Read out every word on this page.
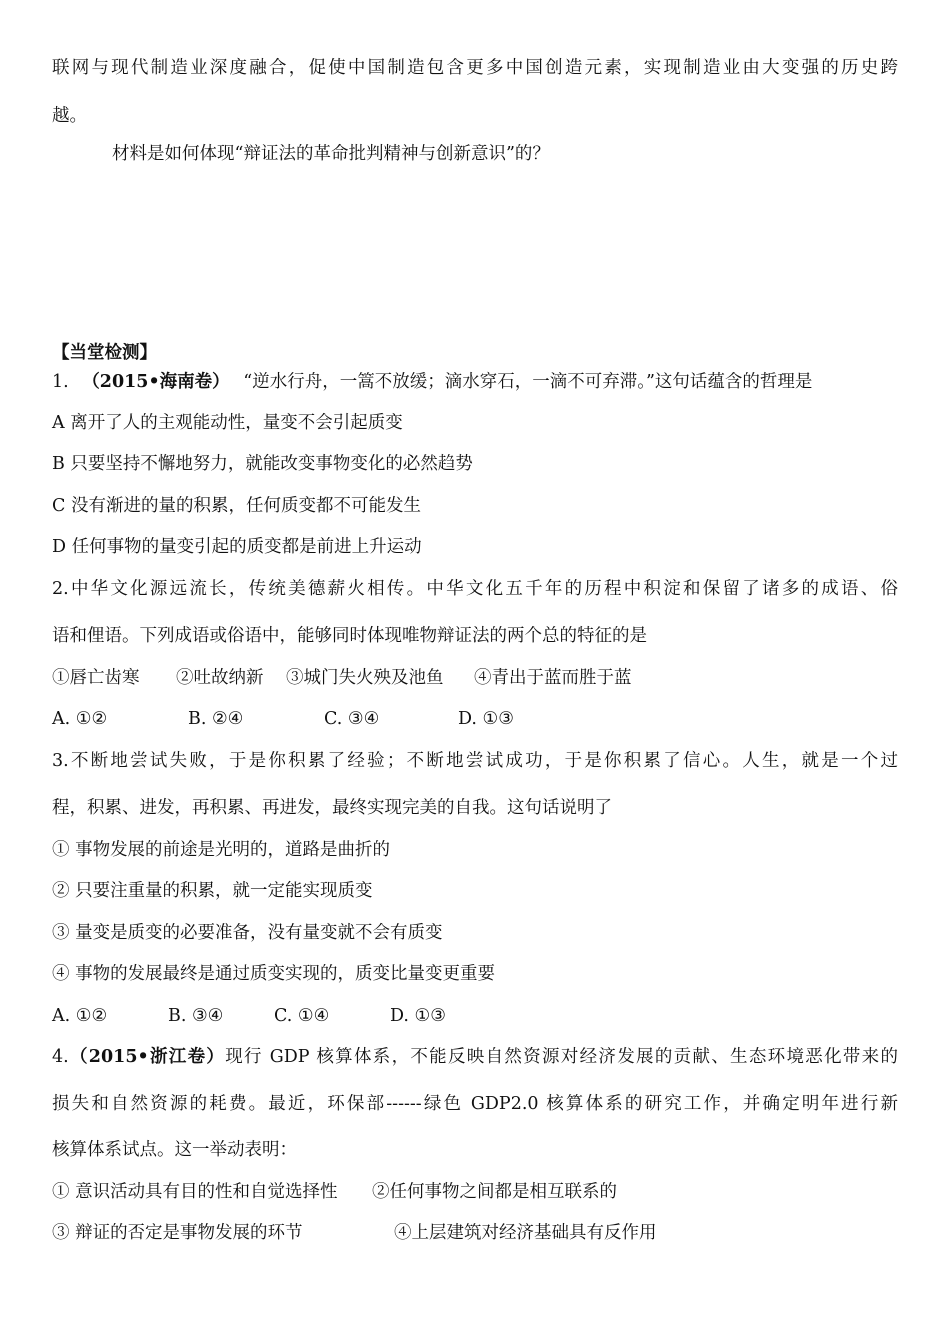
联网与现代制造业深度融合，促使中国制造包含更多中国创造元素，实现制造业由大变强的历史跨
越。
材料是如何体现“辩证法的革命批判精神与创新意识”的？
【当堂检测】
1. （2015•海南卷） “逆水行舟，一篙不放缓；滴水穿石，一滴不可弃滞。”这句话蕴含的哲理是
A 离开了人的主观能动性，量变不会引起质变
B 只要坚持不懈地努力，就能改变事物变化的必然趋势
C 没有渐进的量的积累，任何质变都不可能发生
D 任何事物的量变引起的质变都是前进上升运动
2.中华文化源远流长，传统美德薪火相传。中华文化五千年的历程中积淀和保留了诸多的成语、俗
语和俚语。下列成语或俗语中，能够同时体现唯物辩证法的两个总的特征的是
①唇亡齿寒 ②吐故纳新 ③城门失火殃及池鱼 ④青出于蓝而胜于蓝
A. ①②	B. ②④	C. ③④	D. ①③
3.不断地尝试失败，于是你积累了经验；不断地尝试成功，于是你积累了信心。人生，就是一个过
程，积累、进发，再积累、再进发，最终实现完美的自我。这句话说明了
① 事物发展的前途是光明的，道路是曲折的
② 只要注重量的积累，就一定能实现质变
③ 量变是质变的必要准备，没有量变就不会有质变
④ 事物的发展最终是通过质变实现的，质变比量变更重要
A. ①②	B. ③④	C. ①④	D. ①③
4.（2015•浙江卷）现行 GDP 核算体系，不能反映自然资源对经济发展的贡献、生态环境恶化带来的
损失和自然资源的耗费。最近，环保部------绿色 GDP2.0 核算体系的研究工作，并确定明年进行新
核算体系试点。这一举动表明：
① 意识活动具有目的性和自觉选择性 ②任何事物之间都是相互联系的
③ 辩证的否定是事物发展的环节	④上层建筑对经济基础具有反作用
